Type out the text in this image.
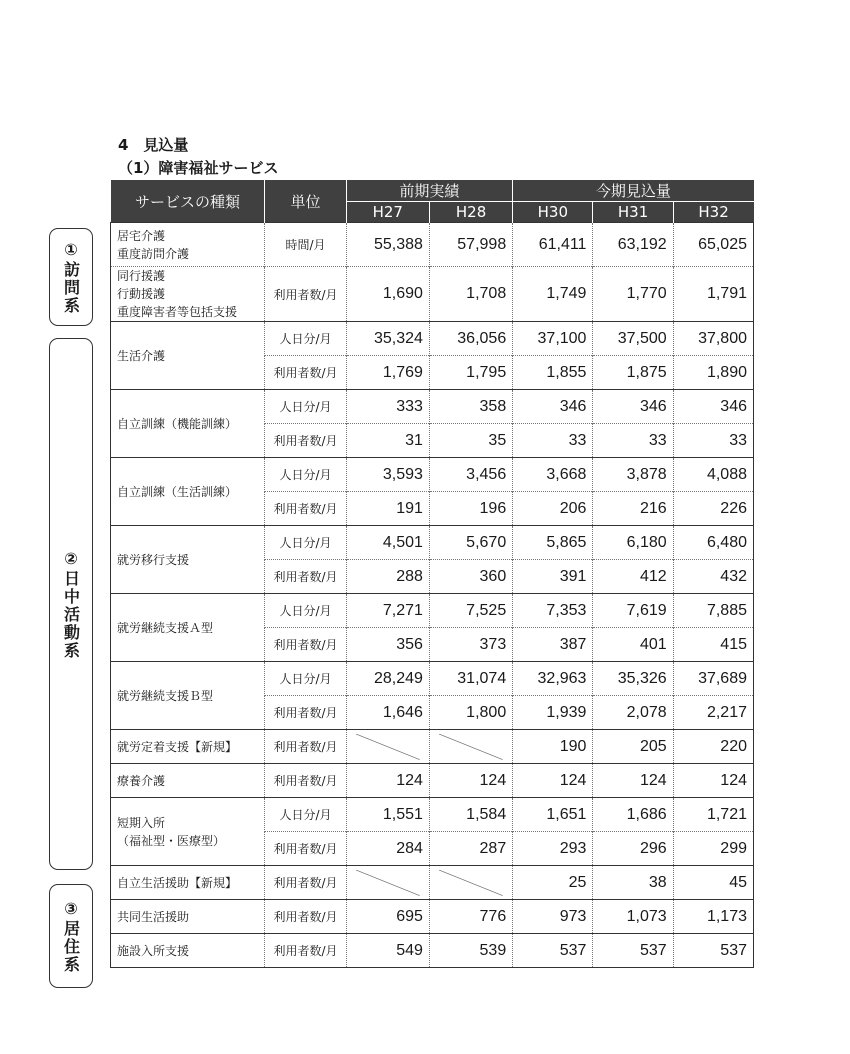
4　見込量
（1）障害福祉サービス
①訪問系
②日中活動系
③居住系
サービスの種類	単位	前期実績		今期見込量		
		H27	H28	H30	H31	H32
居宅介護
重度訪問介護	時間/月	55,388	57,998	61,411	63,192	65,025
同行援護
行動援護
重度障害者等包括支援	利用者数/月	1,690	1,708	1,749	1,770	1,791
生活介護	人日分/月	35,324	36,056	37,100	37,500	37,800
	利用者数/月	1,769	1,795	1,855	1,875	1,890
自立訓練（機能訓練）	人日分/月	333	358	346	346	346
	利用者数/月	31	35	33	33	33
自立訓練（生活訓練）	人日分/月	3,593	3,456	3,668	3,878	4,088
	利用者数/月	191	196	206	216	226
就労移行支援	人日分/月	4,501	5,670	5,865	6,180	6,480
	利用者数/月	288	360	391	412	432
就労継続支援Ａ型	人日分/月	7,271	7,525	7,353	7,619	7,885
	利用者数/月	356	373	387	401	415
就労継続支援Ｂ型	人日分/月	28,249	31,074	32,963	35,326	37,689
	利用者数/月	1,646	1,800	1,939	2,078	2,217
就労定着支援【新規】	利用者数/月			190	205	220
療養介護	利用者数/月	124	124	124	124	124
短期入所
（福祉型・医療型）	人日分/月	1,551	1,584	1,651	1,686	1,721
	利用者数/月	284	287	293	296	299
自立生活援助【新規】	利用者数/月			25	38	45
共同生活援助	利用者数/月	695	776	973	1,073	1,173
施設入所支援	利用者数/月	549	539	537	537	537
